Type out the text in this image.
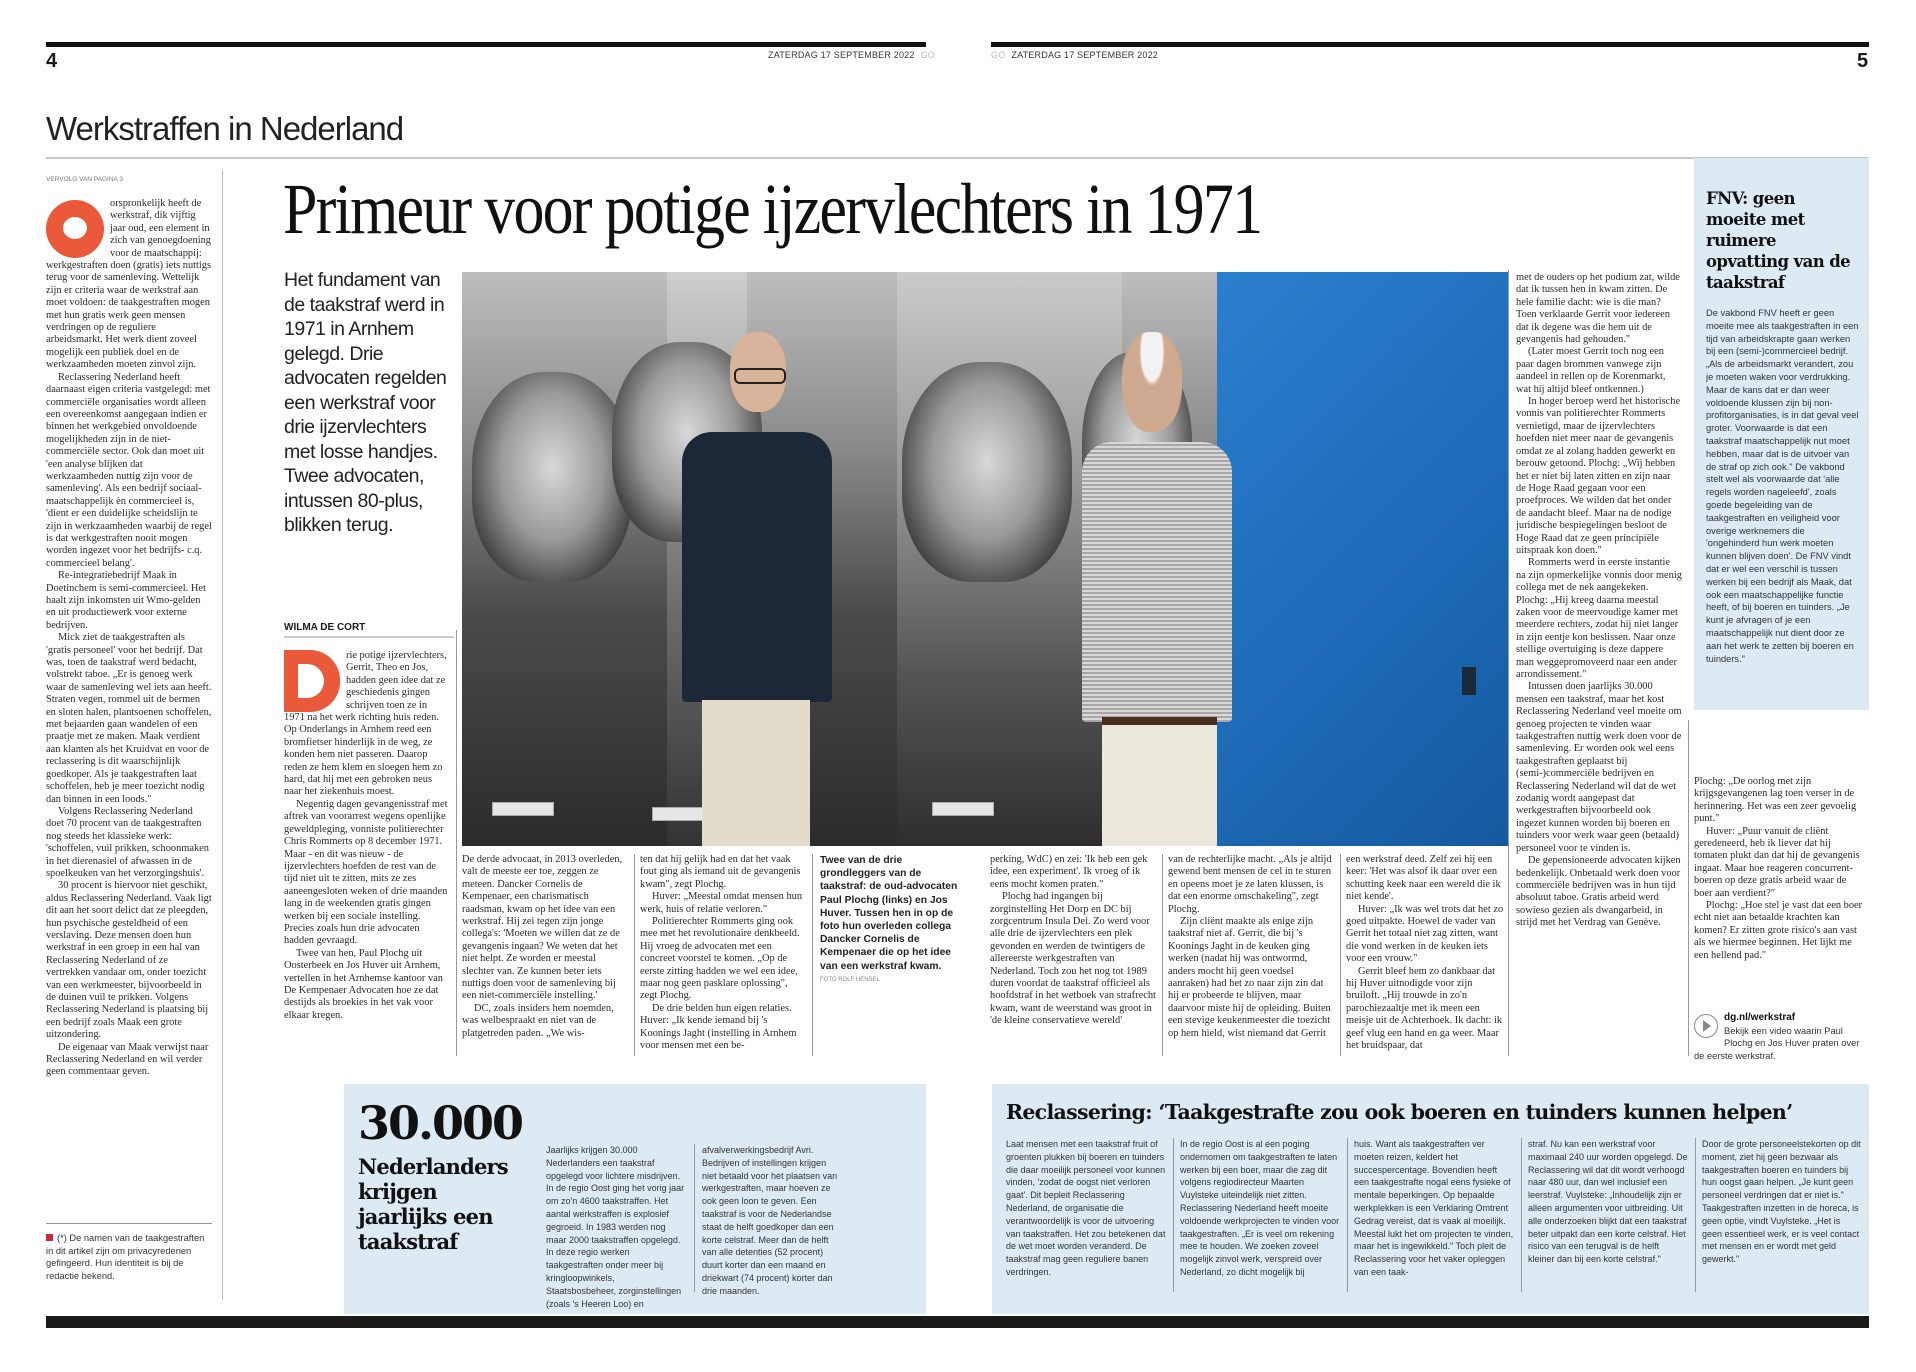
4	ZATERDAG 17 SEPTEMBER 2022 GO	GO ZATERDAG 17 SEPTEMBER 2022	5
Werkstraffen in Nederland
VERVOLG VAN PAGINA 3

orspronkelijk heeft de werkstraf, dik vijftig jaar oud, een element in zich van genoegdoening voor de maatschappij: werkgestraften doen (gratis) iets nuttigs terug voor de samenleving. Wettelijk zijn er criteria waar de werkstraf aan moet voldoen: de taakgestraften mogen met hun gratis werk geen mensen verdringen op de reguliere arbeidsmarkt. Het werk dient zoveel mogelijk een publiek doel en de werkzaamheden moeten zinvol zijn.

Reclassering Nederland heeft daarnaast eigen criteria vastgelegd: met commerciële organisaties wordt alleen een overeenkomst aangegaan indien er binnen het werkgebied onvoldoende mogelijkheden zijn in de niet-commerciële sector. Ook dan moet uit 'een analyse blijken dat werkzaamheden nuttig zijn voor de samenleving'. Als een bedrijf sociaal-maatschappelijk èn commercieel is, 'dient er een duidelijke scheidslijn te zijn in werkzaamheden waarbij de regel is dat werkgestraften nooit mogen worden ingezet voor het bedrijfs- c.q. commercieel belang'.

Re-integratiebedrijf Maak in Doetinchem is semi-commercieel. Het haalt zijn inkomsten uit Wmo-gelden en uit productiewerk voor externe bedrijven.

Mick ziet de taakgestraften als 'gratis personeel' voor het bedrijf. Dat was, toen de taakstraf werd bedacht, volstrekt taboe. „Er is genoeg werk waar de samenleving wel iets aan heeft. Straten vegen, rommel uit de bermen en sloten halen, plantsoenen schoffelen, met bejaarden gaan wandelen of een praatje met ze maken. Maak verdient aan klanten als het Kruidvat en voor de reclassering is dit waarschijnlijk goedkoper. Als je taakgestraften laat schoffelen, heb je meer toezicht nodig dan binnen in een loods."

Volgens Reclassering Nederland doet 70 procent van de taakgestraften nog steeds het klassieke werk: 'schoffelen, vuil prikken, schoonmaken in het dierenasiel of afwassen in de spoelkeuken van het verzorgingshuis'.

30 procent is hiervoor niet geschikt, aldus Reclassering Nederland. Vaak ligt dit aan het soort delict dat ze pleegden, hun psychische gesteldheid of een verslaving. Deze mensen doen hun werkstraf in een groep in een hal van Reclassering Nederland of ze vertrekken vandaar om, onder toezicht van een werkmeester, bijvoorbeeld in de duinen vuil te prikken. Volgens Reclassering Nederland is plaatsing bij een bedrijf zoals Maak een grote uitzondering.

De eigenaar van Maak verwijst naar Reclassering Nederland en wil verder geen commentaar geven.

(*) De namen van de taakgestraften in dit artikel zijn om privacyredenen gefingeerd. Hun identiteit is bij de redactie bekend.
Primeur voor potige ijzervlechters in 1971
Het fundament van de taakstraf werd in 1971 in Arnhem gelegd. Drie advocaten regelden een werkstraf voor drie ijzervlechters met losse handjes. Twee advocaten, intussen 80-plus, blikken terug.
WILMA DE CORT

rie potige ijzervlechters, Gerrit, Theo en Jos, hadden geen idee dat ze geschiedenis gingen schrijven toen ze in 1971 na het werk richting huis reden. Op Onderlangs in Arnhem reed een bromfietser hinderlijk in de weg, ze konden hem niet passeren. Daarop reden ze hem klem en sloegen hem zo hard, dat hij met een gebroken neus naar het ziekenhuis moest.

Negentig dagen gevangenisstraf met aftrek van voorarrest wegens openlijke geweldpleging, vonniste politierechter Chris Rommerts op 8 december 1971. Maar - en dit was nieuw - de ijzervlechters hoefden de rest van de tijd niet uit te zitten, mits ze zes aaneengesloten weken of drie maanden lang in de weekenden gratis gingen werken bij een sociale instelling. Precies zoals hun drie advocaten hadden gevraagd.

Twee van hen, Paul Plochg uit Oosterbeek en Jos Huver uit Arnhem, vertellen in het Arnhemse kantoor van De Kempenaer Advocaten hoe ze dat destijds als broekies in het vak voor elkaar kregen.

De derde advocaat, in 2013 overleden, valt de meeste eer toe, zeggen ze meteen. Dancker Cornelis de Kempenaer, een charismatisch raadsman, kwam op het idee van een werkstraf. Hij zei tegen zijn jonge collega's: 'Moeten we willen dat ze de gevangenis ingaan? We weten dat het niet helpt. Ze worden er meestal slechter van. Ze kunnen beter iets nuttigs doen voor de samenleving bij een niet-commerciële instelling.'

DC, zoals insiders hem noemden, was welbespraakt en niet van de platgetreden paden. „We wis-

ten dat hij gelijk had en dat het vaak fout ging als iemand uit de gevangenis kwam", zegt Plochg.

Huver: „Meestal omdat mensen hun werk, huis of relatie verloren."

Politierechter Rommerts ging ook mee met het revolutionaire denkbeeld. Hij vroeg de advocaten met een concreet voorstel te komen. „Op de eerste zitting hadden we wel een idee, maar nog geen pasklare oplossing", zegt Plochg.

De drie belden hun eigen relaties. Huver: „Ik kende iemand bij 's Koonings Jaght (instelling in Arnhem voor mensen met een be-

Twee van de drie grondleggers van de taakstraf: de oud-advocaten Paul Plochg (links) en Jos Huver. Tussen hen in op de foto hun overleden collega Dancker Cornelis de Kempenaer die op het idee van een werkstraf kwam.
FOTO ROLF HENSEL

perking, WdC) en zei: 'Ik heb een gek idee, een experiment'. Ik vroeg of ik eens mocht komen praten."

Plochg had ingangen bij zorginstelling Het Dorp en DC bij zorgcentrum Insula Dei. Zo werd voor alle drie de ijzervlechters een plek gevonden en werden de twintigers de allereerste werkgestraften van Nederland. Toch zou het nog tot 1989 duren voordat de taakstraf officieel als hoofdstraf in het wetboek van strafrecht kwam, want de weerstand was groot in 'de kleine conservatieve wereld'

van de rechterlijke macht. „Als je altijd gewend bent mensen de cel in te sturen en opeens moet je ze laten klussen, is dat een enorme omschakeling", zegt Plochg.

Zijn cliënt maakte als enige zijn taakstraf niet af. Gerrit, die bij 's Koonings Jaght in de keuken ging werken (nadat hij was ontwormd, anders mocht hij geen voedsel aanraken) had het zo naar zijn zin dat hij er probeerde te blijven, maar daarvoor miste hij de opleiding. Buiten een stevige keukenmeester die toezicht op hem hield, wist niemand dat Gerrit

een werkstraf deed. Zelf zei hij een keer: 'Het was alsof ik daar over een schutting keek naar een wereld die ik niet kende'.

Huver: „Ik was wel trots dat het zo goed uitpakte. Hoewel de vader van Gerrit het totaal niet zag zitten, want die vond werken in de keuken iets voor een vrouw."

Gerrit bleef hem zo dankbaar dat hij Huver uitnodigde voor zijn bruiloft. „Hij trouwde in zo'n parochiezaaltje met ik meen een meisje uit de Achterhoek. Ik dacht: ik geef vlug een hand en ga weer. Maar het bruidspaar, dat

met de ouders op het podium zat, wilde dat ik tussen hen in kwam zitten. De hele familie dacht: wie is die man? Toen verklaarde Gerrit voor iedereen dat ik degene was die hem uit de gevangenis had gehouden."

(Later moest Gerrit toch nog een paar dagen brommen vanwege zijn aandeel in rellen op de Korenmarkt, wat hij altijd bleef ontkennen.)

In hoger beroep werd het historische vonnis van politierechter Rommerts vernietigd, maar de ijzervlechters hoefden niet meer naar de gevangenis omdat ze al zolang hadden gewerkt en berouw getoond. Plochg: „Wij hebben het er niet bij laten zitten en zijn naar de Hoge Raad gegaan voor een proefproces. We wilden dat het onder de aandacht bleef. Maar na de nodige juridische bespiegelingen besloot de Hoge Raad dat ze geen principiële uitspraak kon doen."

Rommerts werd in eerste instantie na zijn opmerkelijke vonnis door menig collega met de nek aangekeken. Plochg: „Hij kreeg daarna meestal zaken voor de meervoudige kamer met meerdere rechters, zodat hij niet langer in zijn eentje kon beslissen. Naar onze stellige overtuiging is deze dappere man weggepromoveerd naar een ander arrondissement."

Intussen doen jaarlijks 30.000 mensen een taakstraf, maar het kost Reclassering Nederland veel moeite om genoeg projecten te vinden waar taakgestraften nuttig werk doen voor de samenleving. Er worden ook wel eens taakgestraften geplaatst bij (semi-)commerciële bedrijven en Reclassering Nederland wil dat de wet zodanig wordt aangepast dat werkgestraften bijvoorbeeld ook ingezet kunnen worden bij boeren en tuinders voor werk waar geen (betaald) personeel voor te vinden is.

De gepensioneerde advocaten kijken bedenkelijk. Onbetaald werk doen voor commerciële bedrijven was in hun tijd absoluut taboe. Gratis arbeid werd sowieso gezien als dwangarbeid, in strijd met het Verdrag van Genève.

FNV: geen moeite met ruimere opvatting van de taakstraf
De vakbond FNV heeft er geen moeite mee als taakgestraften in een tijd van arbeidskrapte gaan werken bij een (semi-)commercieel bedrijf. „Als de arbeidsmarkt verandert, zou je moeten waken voor verdrukking. Maar de kans dat er dan weer voldoende klussen zijn bij non-profitorganisaties, is in dat geval veel groter. Voorwaarde is dat een taakstraf maatschappelijk nut moet hebben, maar dat is de uitvoer van de straf op zich ook." De vakbond stelt wel als voorwaarde dat 'alle regels worden nageleefd', zoals goede begeleiding van de taakgestraften en veiligheid voor overige werknemers die 'ongehinderd hun werk moeten kunnen blijven doen'. De FNV vindt dat er wel een verschil is tussen werken bij een bedrijf als Maak, dat ook een maatschappelijke functie heeft, of bij boeren en tuinders. „Je kunt je afvragen of je een maatschappelijk nut dient door ze aan het werk te zetten bij boeren en tuinders."

Plochg: „De oorlog met zijn krijgsgevangenen lag toen verser in de herinnering. Het was een zeer gevoelig punt."

Huver: „Puur vanuit de cliënt geredeneerd, heb ik liever dat hij tomaten plukt dan dat hij de gevangenis ingaat. Maar hoe reageren concurrent-boeren op deze gratis arbeid waar de boer aan verdient?"

Plochg: „Hoe stel je vast dat een boer echt niet aan betaalde krachten kan komen? Er zitten grote risico's aan vast als we hiermee beginnen. Het lijkt me een hellend pad."

dg.nl/werkstraf
Bekijk een video waarin Paul Plochg en Jos Huver praten over de eerste werkstraf.
30.000
Nederlanders krijgen jaarlijks een taakstraf
Jaarlijks krijgen 30.000 Nederlanders een taakstraf opgelegd voor lichtere misdrijven. In de regio Oost ging het vorig jaar om zo'n 4600 taakstraffen. Het aantal werkstraffen is explosief gegroeid. In 1983 werden nog maar 2000 taakstraffen opgelegd. In deze regio werken taakgestraften onder meer bij kringloopwinkels, Staatsbosbeheer, zorginstellingen (zoals 's Heeren Loo) en
afvalverwerkingsbedrijf Avri. Bedrijven of instellingen krijgen niet betaald voor het plaatsen van werkgestraften, maar hoeven ze ook geen loon te geven. Een taakstraf is voor de Nederlandse staat de helft goedkoper dan een korte celstraf. Meer dan de helft van alle detenties (52 procent) duurt korter dan een maand en driekwart (74 procent) korter dan drie maanden.
Reclassering: ‘Taakgestrafte zou ook boeren en tuinders kunnen helpen’
Laat mensen met een taakstraf fruit of groenten plukken bij boeren en tuinders die daar moeilijk personeel voor kunnen vinden, 'zodat de oogst niet verloren gaat'. Dit bepleit Reclassering Nederland, de organisatie die verantwoordelijk is voor de uitvoering van taakstraffen. Het zou betekenen dat de wet moet worden veranderd. De taakstraf mag geen reguliere banen verdringen.
In de regio Oost is al een poging ondernomen om taakgestraften te laten werken bij een boer, maar die zag dit volgens regiodirecteur Maarten Vuylsteke uiteindelijk niet zitten. Reclassering Nederland heeft moeite voldoende werkprojecten te vinden voor taakgestraften. „Er is veel om rekening mee te houden. We zoeken zoveel mogelijk zinvol werk, verspreid over Nederland, zo dicht mogelijk bij
huis. Want als taakgestraften ver moeten reizen, keldert het succespercentage. Bovendien heeft een taakgestrafte nogal eens fysieke of mentale beperkingen. Op bepaalde werkplekken is een Verklaring Omtrent Gedrag vereist, dat is vaak al moeilijk. Meestal lukt het om projecten te vinden, maar het is ingewikkeld." Toch pleit de Reclassering voor het vaker opleggen van een taak-
straf. Nu kan een werkstraf voor maximaal 240 uur worden opgelegd. De Reclassering wil dat dit wordt verhoogd naar 480 uur, dan wel inclusief een leerstraf. Vuylsteke: „Inhoudelijk zijn er alleen argumenten voor uitbreiding. Uit alle onderzoeken blijkt dat een taakstraf beter uitpakt dan een korte celstraf. Het risico van een terugval is de helft kleiner dan bij een korte celstraf."
Door de grote personeelstekorten op dit moment, ziet hij geen bezwaar als taakgestraften boeren en tuinders bij hun oogst gaan helpen. „Je kunt geen personeel verdringen dat er niet is." Taakgestraften inzetten in de horeca, is geen optie, vindt Vuylsteke. „Het is geen essentieel werk, er is veel contact met mensen en er wordt met geld gewerkt."
